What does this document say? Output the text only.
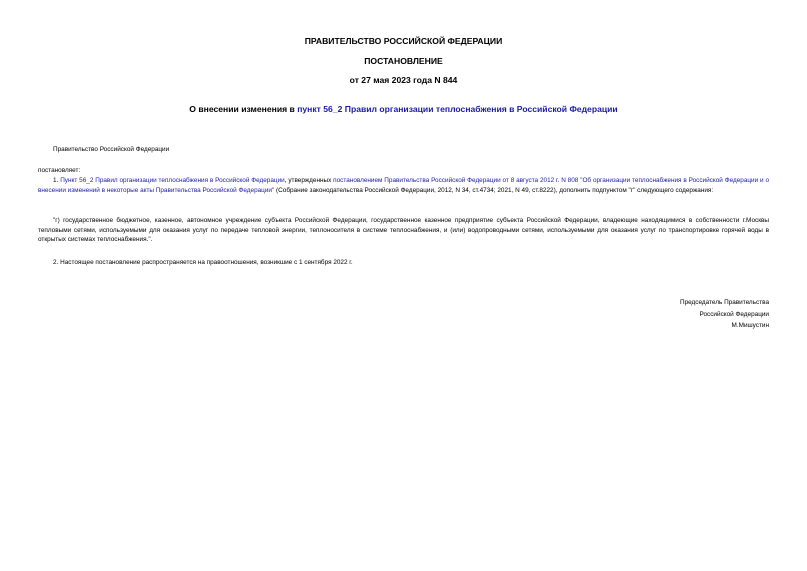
ПРАВИТЕЛЬСТВО РОССИЙСКОЙ ФЕДЕРАЦИИ
ПОСТАНОВЛЕНИЕ
от 27 мая 2023 года N 844
О внесении изменения в пункт 56_2 Правил организации теплоснабжения в Российской Федерации
Правительство Российской Федерации
постановляет:
1. Пункт 56_2 Правил организации теплоснабжения в Российской Федерации, утвержденных постановлением Правительства Российской Федерации от 8 августа 2012 г. N 808 "Об организации теплоснабжения в Российской Федерации и о внесении изменений в некоторые акты Правительства Российской Федерации" (Собрание законодательства Российской Федерации, 2012, N 34, ст.4734; 2021, N 49, ст.8222), дополнить подпунктом "г" следующего содержания:
"г) государственное бюджетное, казенное, автономное учреждение субъекта Российской Федерации, государственное казенное предприятие субъекта Российской Федерации, владеющие находящимися в собственности г.Москвы тепловыми сетями, используемыми для оказания услуг по передаче тепловой энергии, теплоносителя в системе теплоснабжения, и (или) водопроводными сетями, используемыми для оказания услуг по транспортировке горячей воды в открытых системах теплоснабжения.".
2. Настоящее постановление распространяется на правоотношения, возникшие с 1 сентября 2022 г.
Председатель Правительства
Российской Федерации
М.Мишустин
